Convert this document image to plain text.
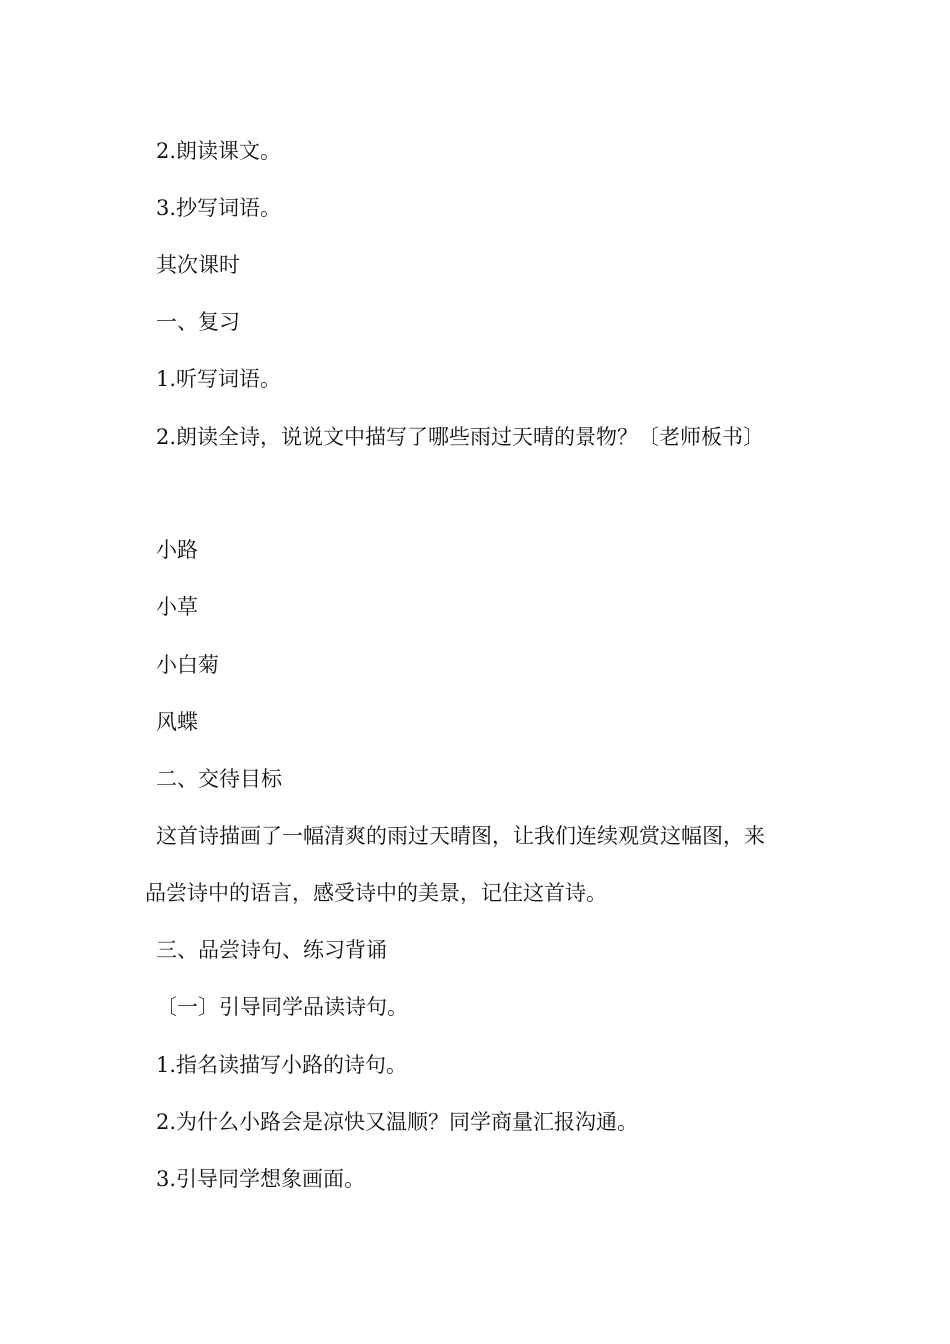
2.朗读课文。
3.抄写词语。
其次课时
一、复习
1.听写词语。
2.朗读全诗，说说文中描写了哪些雨过天晴的景物？〔老师板书〕
小路
小草
小白菊
风蝶
二、交待目标
这首诗描画了一幅清爽的雨过天晴图，让我们连续观赏这幅图，来
品尝诗中的语言，感受诗中的美景，记住这首诗。
三、品尝诗句、练习背诵
〔一〕引导同学品读诗句。
1.指名读描写小路的诗句。
2.为什么小路会是凉快又温顺？同学商量汇报沟通。
3.引导同学想象画面。
